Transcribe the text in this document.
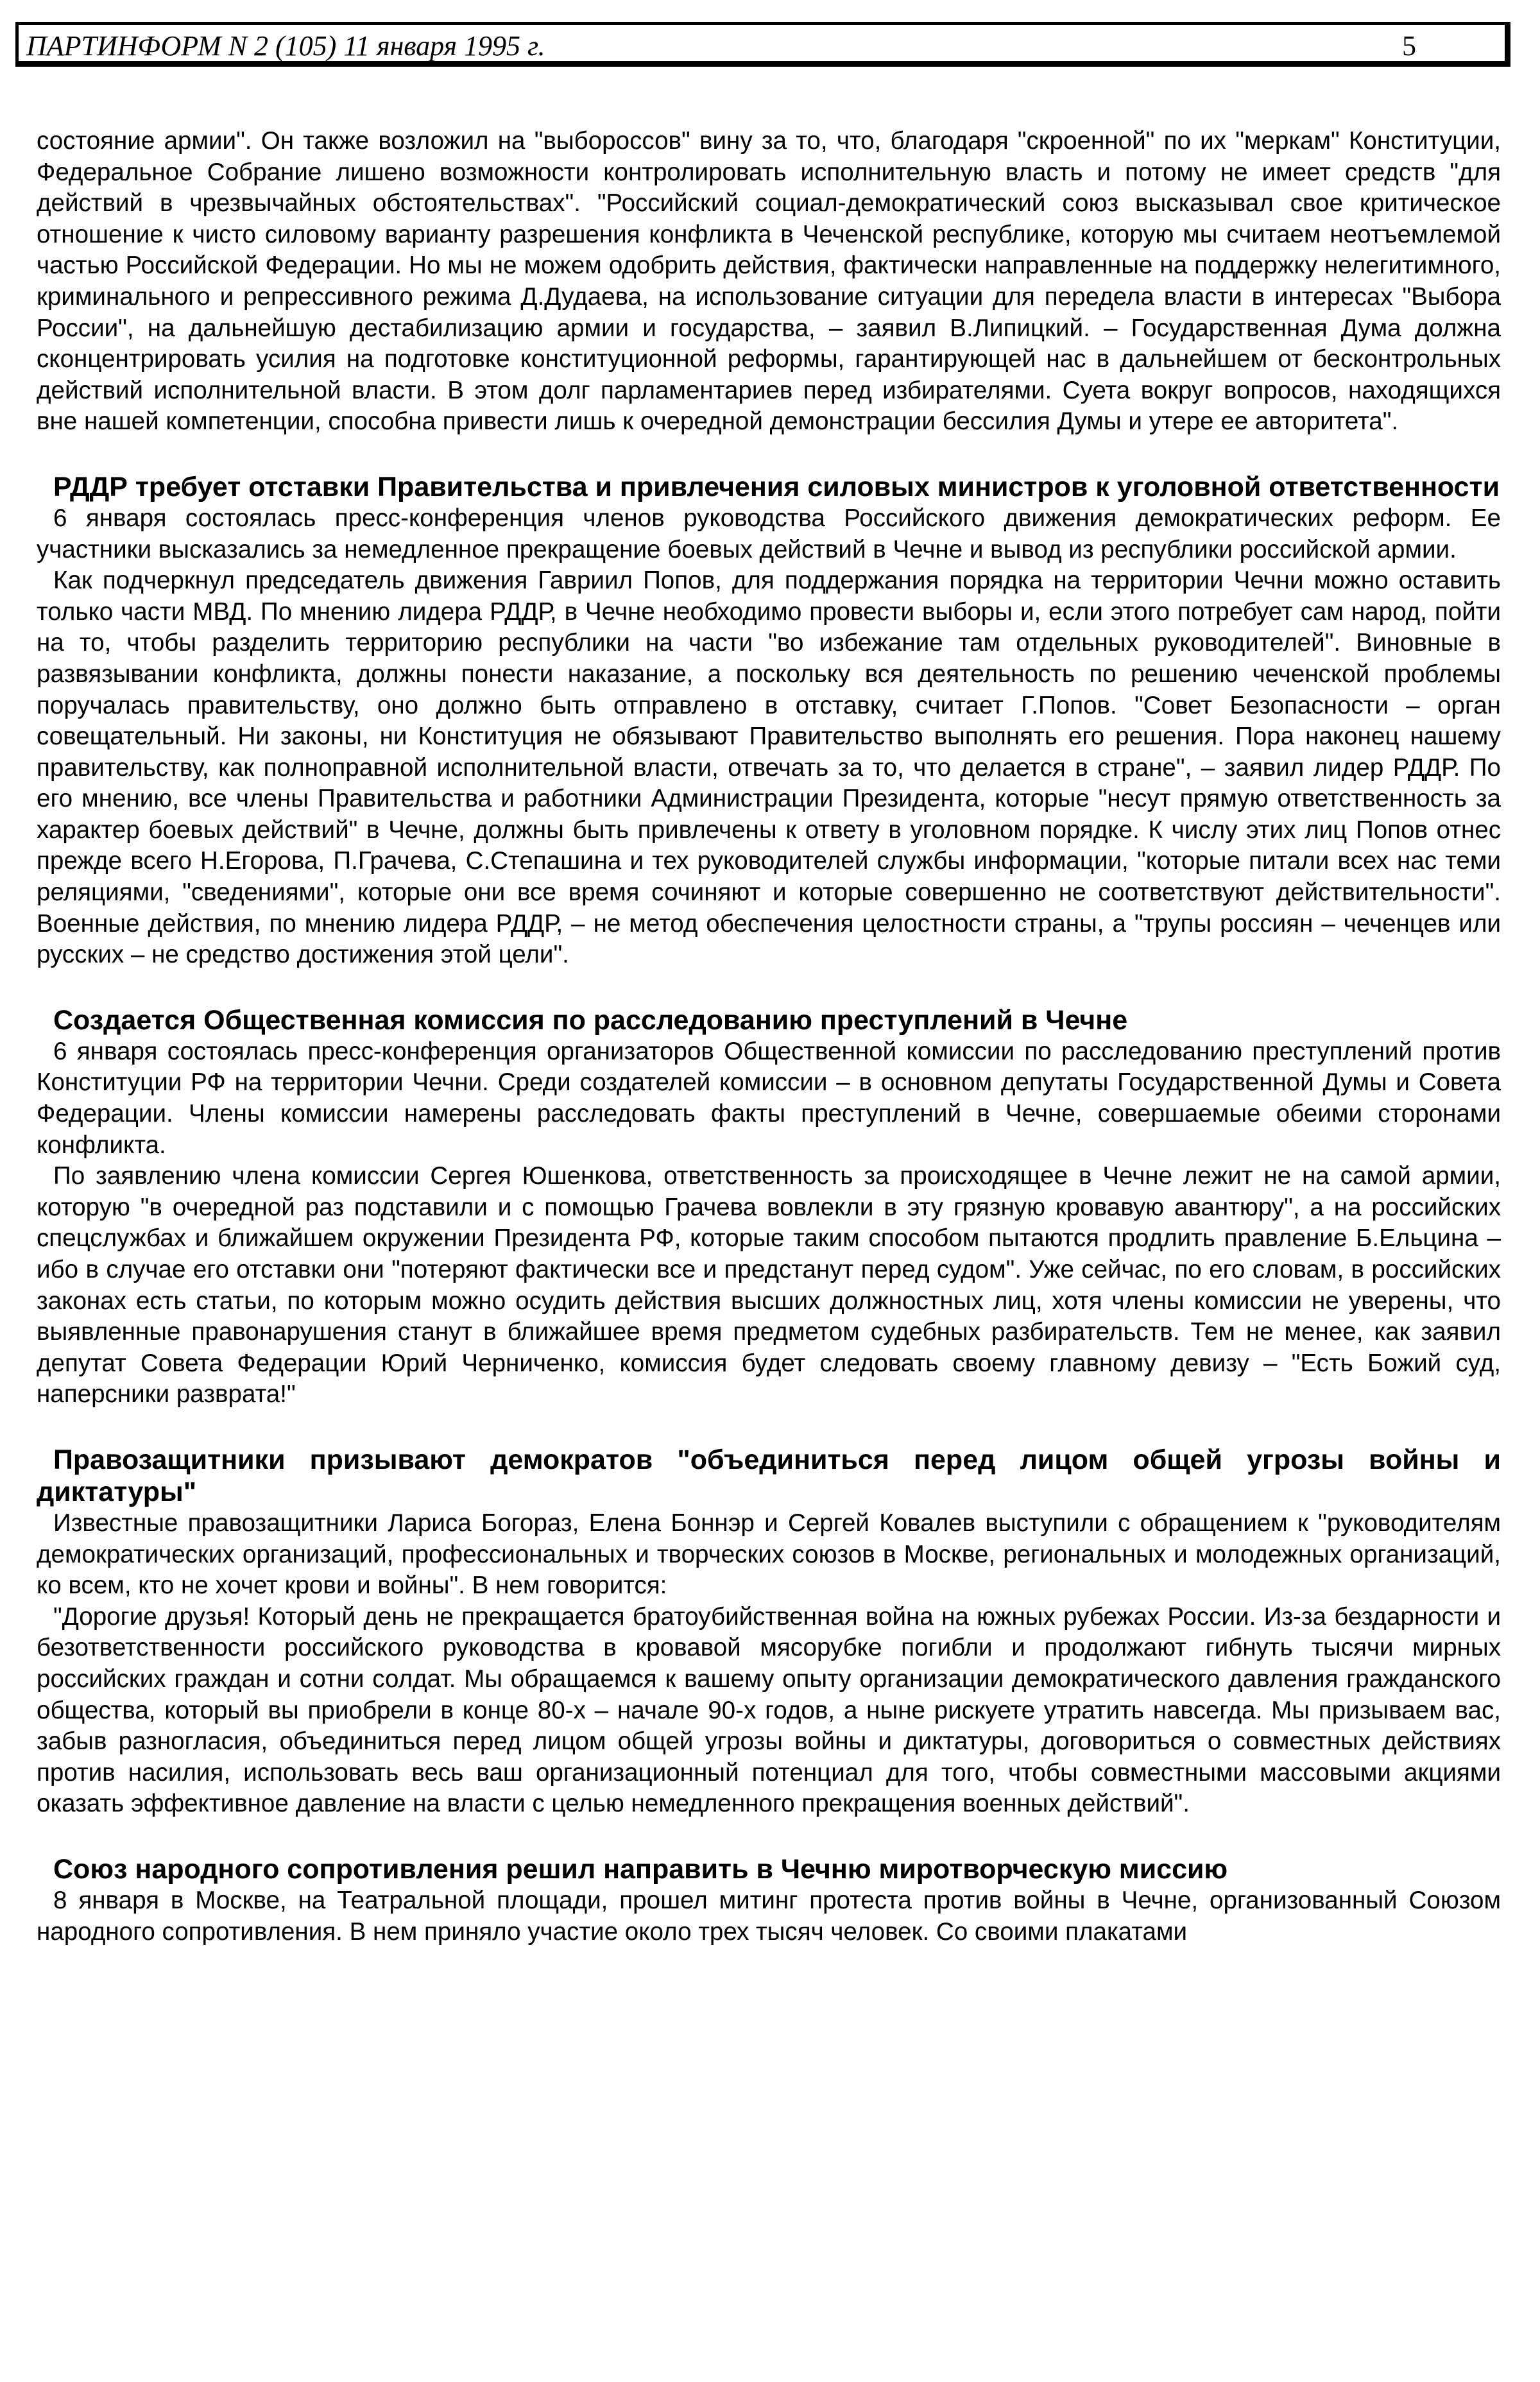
ПАРТИНФОРМ N 2 (105) 11 января 1995 г.	5

состояние армии". Он также возложил на "выбороссов" вину за то, что, благодаря "скроенной" по их "меркам" Конституции, Федеральное Собрание лишено возможности контролировать исполнительную власть и потому не имеет средств "для действий в чрезвычайных обстоятельствах". "Российский социал-демократический союз высказывал свое критическое отношение к чисто силовому варианту разрешения конфликта в Чеченской республике, которую мы считаем неотъемлемой частью Российской Федерации. Но мы не можем одобрить действия, фактически направленные на поддержку нелегитимного, криминального и репрессивного режима Д.Дудаева, на использование ситуации для передела власти в интересах "Выбора России", на дальнейшую дестабилизацию армии и государства, – заявил В.Липицкий. – Государственная Дума должна сконцентрировать усилия на подготовке конституционной реформы, гарантирующей нас в дальнейшем от бесконтрольных действий исполнительной власти. В этом долг парламентариев перед избирателями. Суета вокруг вопросов, находящихся вне нашей компетенции, способна привести лишь к очередной демонстрации бессилия Думы и утере ее авторитета".

РДДР требует отставки Правительства и привлечения силовых министров к уголовной ответственности

6 января состоялась пресс-конференция членов руководства Российского движения демократических реформ. Ее участники высказались за немедленное прекращение боевых действий в Чечне и вывод из республики российской армии.

Как подчеркнул председатель движения Гавриил Попов, для поддержания порядка на территории Чечни можно оставить только части МВД. По мнению лидера РДДР, в Чечне необходимо провести выборы и, если этого потребует сам народ, пойти на то, чтобы разделить территорию республики на части "во избежание там отдельных руководителей". Виновные в развязывании конфликта, должны понести наказание, а поскольку вся деятельность по решению чеченской проблемы поручалась правительству, оно должно быть отправлено в отставку, считает Г.Попов. "Совет Безопасности – орган совещательный. Ни законы, ни Конституция не обязывают Правительство выполнять его решения. Пора наконец нашему правительству, как полноправной исполнительной власти, отвечать за то, что делается в стране", – заявил лидер РДДР. По его мнению, все члены Правительства и работники Администрации Президента, которые "несут прямую ответственность за характер боевых действий" в Чечне, должны быть привлечены к ответу в уголовном порядке. К числу этих лиц Попов отнес прежде всего Н.Егорова, П.Грачева, С.Степашина и тех руководителей службы информации, "которые питали всех нас теми реляциями, "сведениями", которые они все время сочиняют и которые совершенно не соответствуют действительности". Военные действия, по мнению лидера РДДР, – не метод обеспечения целостности страны, а "трупы россиян – чеченцев или русских – не средство достижения этой цели".

Создается Общественная комиссия по расследованию преступлений в Чечне

6 января состоялась пресс-конференция организаторов Общественной комиссии по расследованию преступлений против Конституции РФ на территории Чечни. Среди создателей комиссии – в основном депутаты Государственной Думы и Совета Федерации. Члены комиссии намерены расследовать факты преступлений в Чечне, совершаемые обеими сторонами конфликта.

По заявлению члена комиссии Сергея Юшенкова, ответственность за происходящее в Чечне лежит не на самой армии, которую "в очередной раз подставили и с помощью Грачева вовлекли в эту грязную кровавую авантюру", а на российских спецслужбах и ближайшем окружении Президента РФ, которые таким способом пытаются продлить правление Б.Ельцина – ибо в случае его отставки они "потеряют фактически все и предстанут перед судом". Уже сейчас, по его словам, в российских законах есть статьи, по которым можно осудить действия высших должностных лиц, хотя члены комиссии не уверены, что выявленные правонарушения станут в ближайшее время предметом судебных разбирательств. Тем не менее, как заявил депутат Совета Федерации Юрий Черниченко, комиссия будет следовать своему главному девизу – "Есть Божий суд, наперсники разврата!"

Правозащитники призывают демократов "объединиться перед лицом общей угрозы войны и диктатуры"

Известные правозащитники Лариса Богораз, Елена Боннэр и Сергей Ковалев выступили с обращением к "руководителям демократических организаций, профессиональных и творческих союзов в Москве, региональных и молодежных организаций, ко всем, кто не хочет крови и войны". В нем говорится:

"Дорогие друзья! Который день не прекращается братоубийственная война на южных рубежах России. Из-за бездарности и безответственности российского руководства в кровавой мясорубке погибли и продолжают гибнуть тысячи мирных российских граждан и сотни солдат. Мы обращаемся к вашему опыту организации демократического давления гражданского общества, который вы приобрели в конце 80-х – начале 90-х годов, а ныне рискуете утратить навсегда. Мы призываем вас, забыв разногласия, объединиться перед лицом общей угрозы войны и диктатуры, договориться о совместных действиях против насилия, использовать весь ваш организационный потенциал для того, чтобы совместными массовыми акциями оказать эффективное давление на власти с целью немедленного прекращения военных действий".

Союз народного сопротивления решил направить в Чечню миротворческую миссию

8 января в Москве, на Театральной площади, прошел митинг протеста против войны в Чечне, организованный Союзом народного сопротивления. В нем приняло участие около трех тысяч человек. Со своими плакатами
